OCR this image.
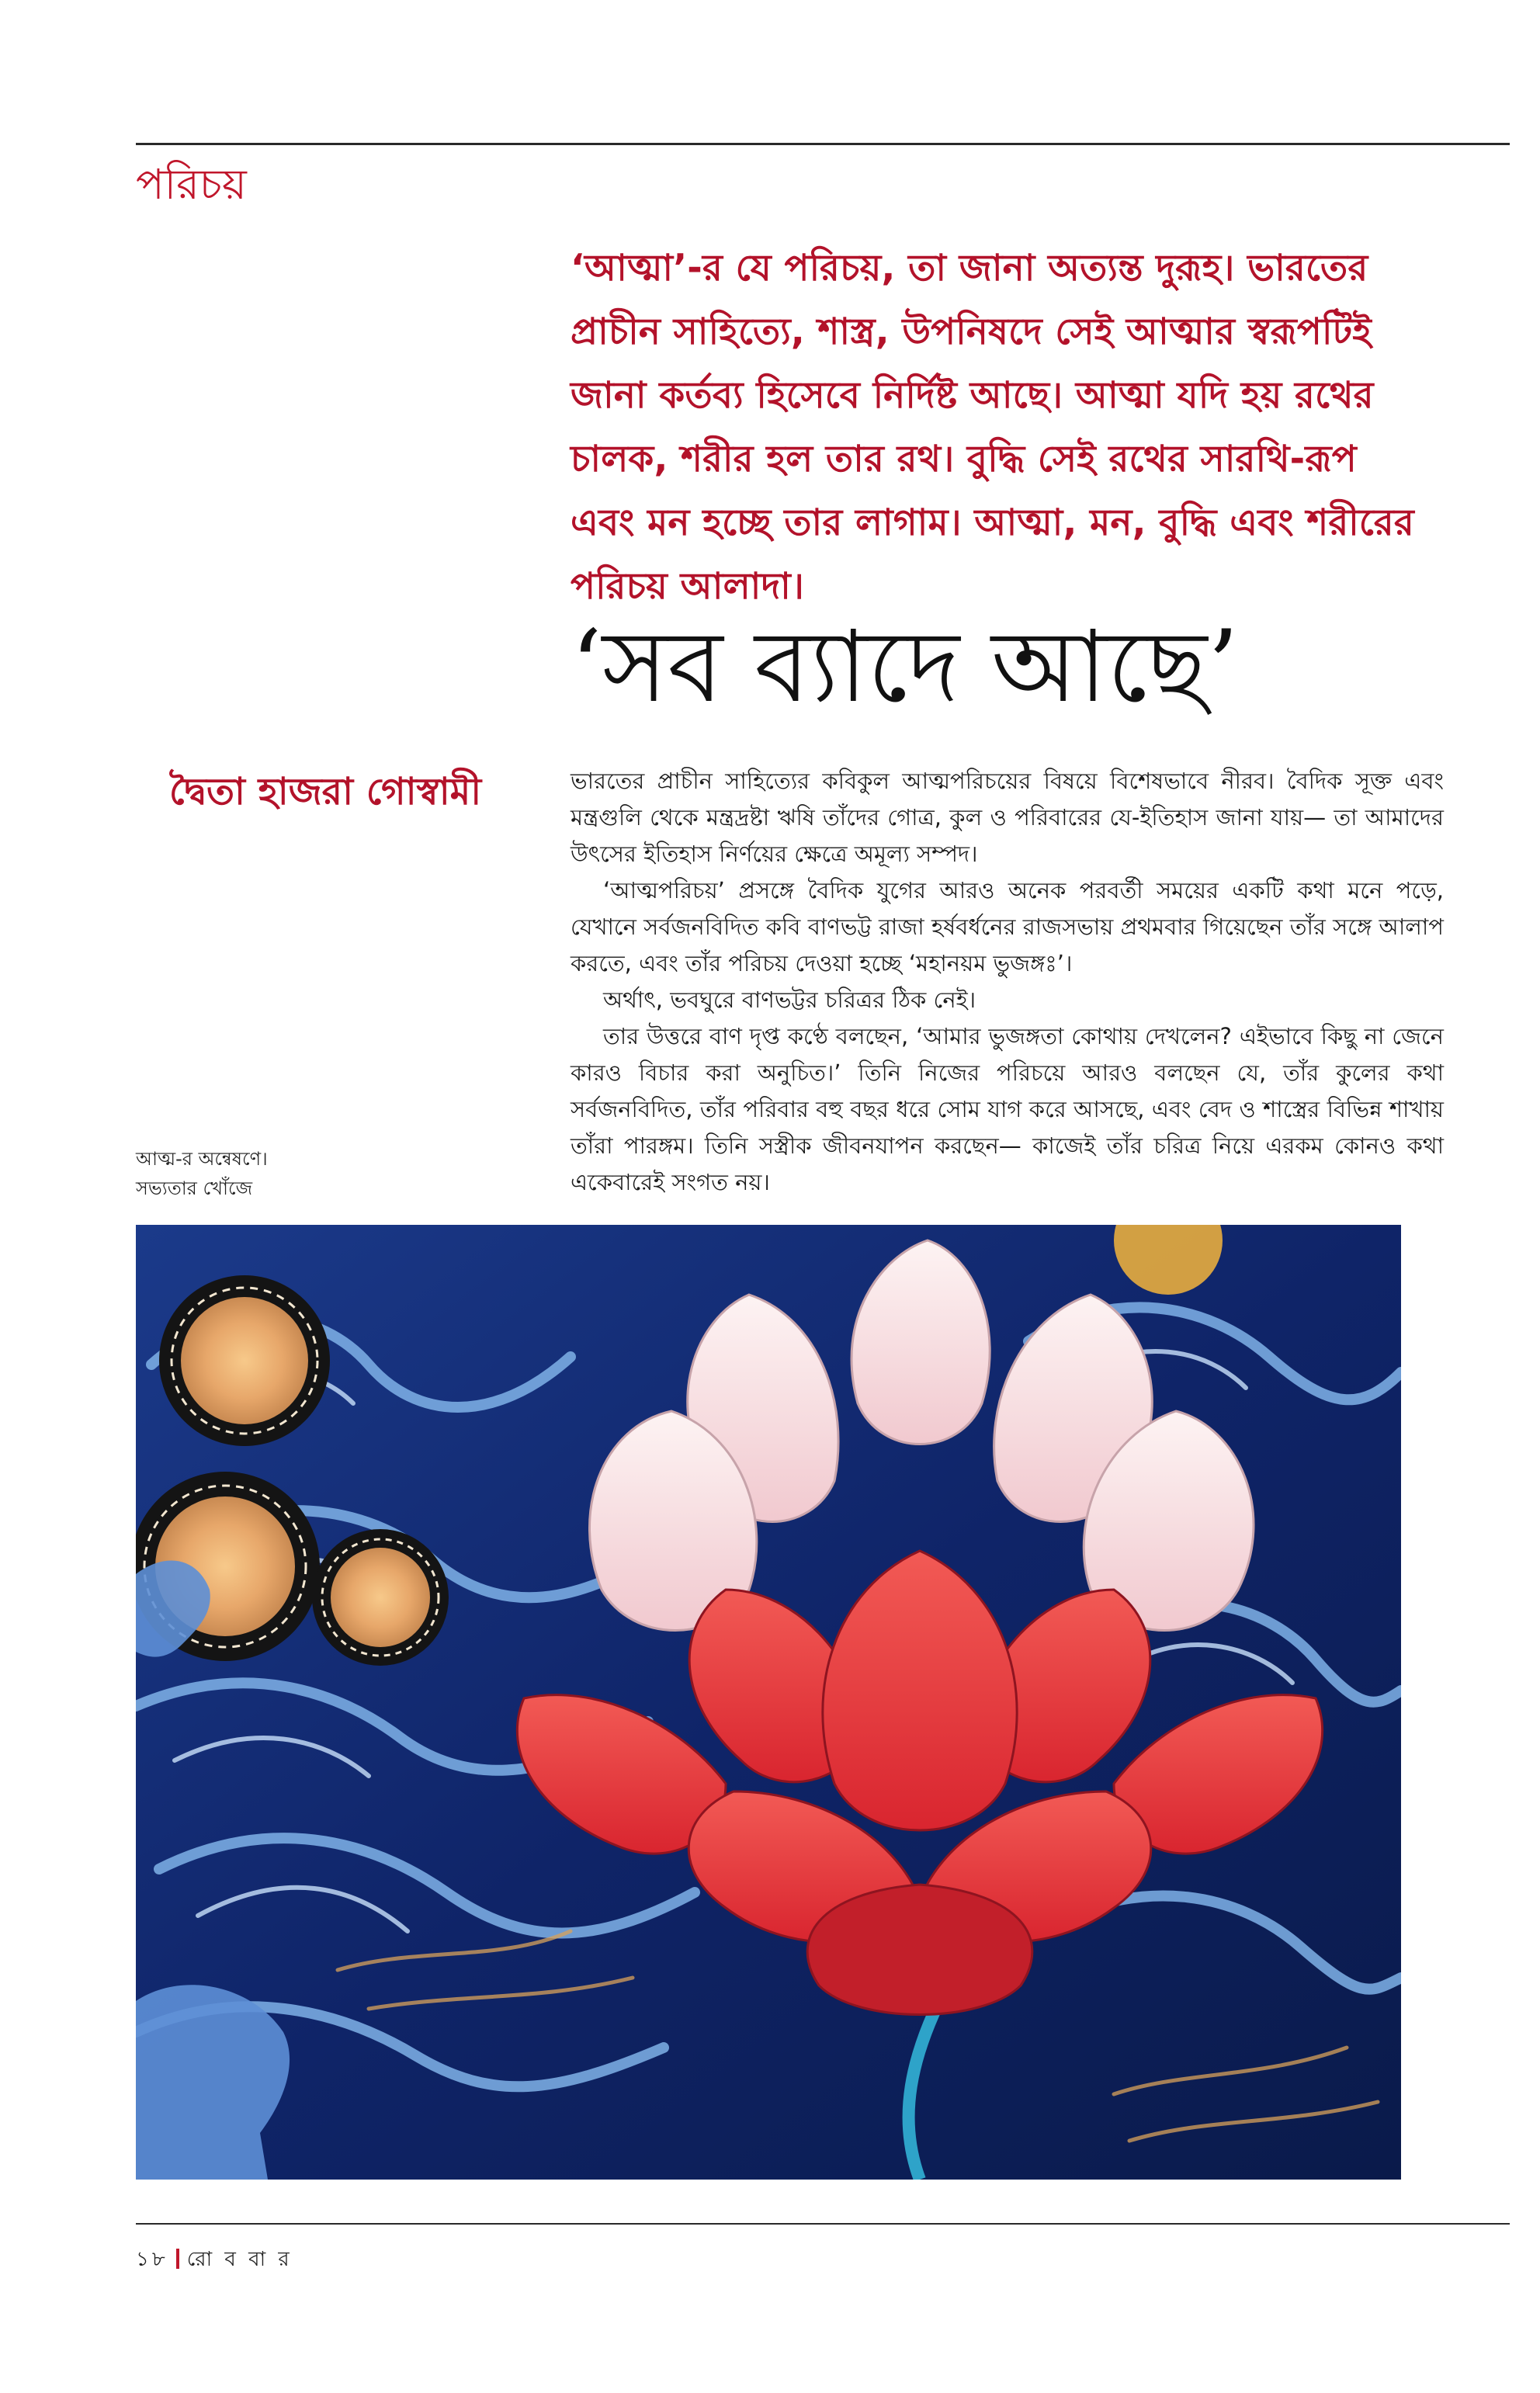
পরিচয়
‘আত্মা’-র যে পরিচয়, তা জানা অত্যন্ত দুরূহ। ভারতের প্রাচীন সাহিত্যে, শাস্ত্র, উপনিষদে সেই আত্মার স্বরূপটিই জানা কর্তব্য হিসেবে নির্দিষ্ট আছে। আত্মা যদি হয় রথের চালক, শরীর হল তার রথ। বুদ্ধি সেই রথের সারথি-রূপ এবং মন হচ্ছে তার লাগাম। আত্মা, মন, বুদ্ধি এবং শরীরের পরিচয় আলাদা।
‘সব ব্যাদে আছে’
দ্বৈতা হাজরা গোস্বামী	ভারতের প্রাচীন সাহিত্যের কবিকুল আত্মপরিচয়ের বিষয়ে বিশেষভাবে নীরব। বৈদিক সূক্ত এবং মন্ত্রগুলি থেকে মন্ত্রদ্রষ্টা ঋষি তাঁদের গোত্র, কুল ও পরিবারের যে-ইতিহাস জানা যায়— তা আমাদের উৎসের ইতিহাস নির্ণয়ের ক্ষেত্রে অমূল্য সম্পদ।

‘আত্মপরিচয়’ প্রসঙ্গে বৈদিক যুগের আরও অনেক পরবর্তী সময়ের একটি কথা মনে পড়ে, যেখানে সর্বজনবিদিত কবি বাণভট্ট রাজা হর্ষবর্ধনের রাজসভায় প্রথমবার গিয়েছেন তাঁর সঙ্গে আলাপ করতে, এবং তাঁর পরিচয় দেওয়া হচ্ছে ‘মহানয়ম ভুজঙ্গঃ’।

অর্থাৎ, ভবঘুরে বাণভট্টর চরিত্রর ঠিক নেই।

তার উত্তরে বাণ দৃপ্ত কণ্ঠে বলছেন, ‘আমার ভুজঙ্গতা কোথায় দেখলেন? এইভাবে কিছু না জেনে কারও বিচার করা অনুচিত।’ তিনি নিজের পরিচয়ে আরও বলছেন যে, তাঁর কুলের কথা সর্বজনবিদিত, তাঁর পরিবার বহু বছর ধরে সোম যাগ করে আসছে, এবং বেদ ও শাস্ত্রের বিভিন্ন শাখায় তাঁরা পারঙ্গম। তিনি সস্ত্রীক জীবনযাপন করছেন— কাজেই তাঁর চরিত্র নিয়ে এরকম কোনও কথা একেবারেই সংগত নয়।

আত্ম-র অন্বেষণে।
সভ্যতার খোঁজে
১৮ রো ব বা র
